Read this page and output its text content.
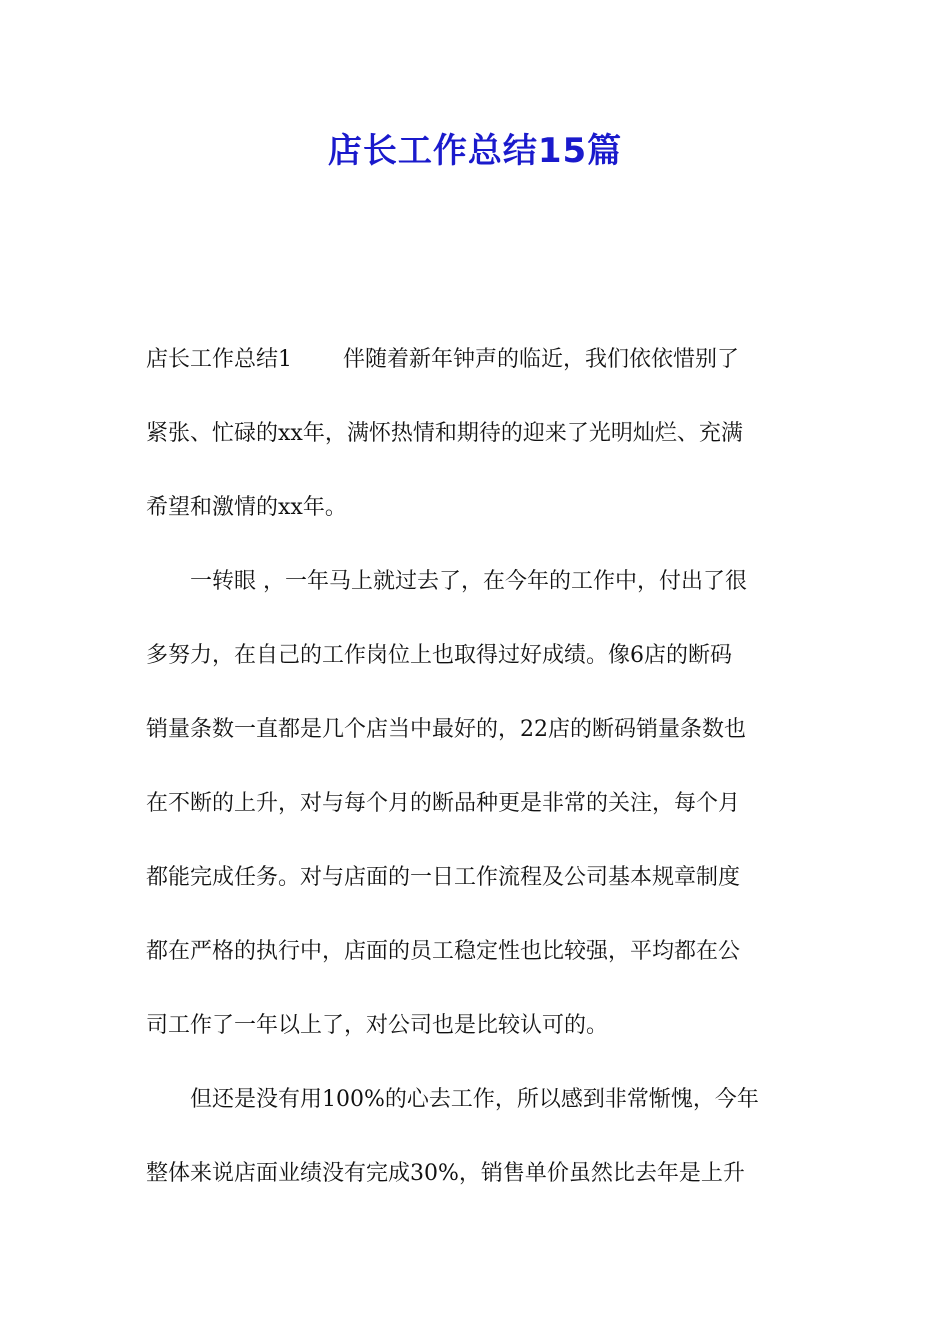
店长工作总结15篇
店长工作总结1　　 伴随着新年钟声的临近，我们依依惜别了
紧张、忙碌的xx年，满怀热情和期待的迎来了光明灿烂、充满
希望和激情的xx年。
　　一转眼 ，一年马上就过去了，在今年的工作中，付出了很
多努力，在自己的工作岗位上也取得过好成绩。像6店的断码
销量条数一直都是几个店当中最好的，22店的断码销量条数也
在不断的上升，对与每个月的断品种更是非常的关注，每个月
都能完成任务。对与店面的一日工作流程及公司基本规章制度
都在严格的执行中，店面的员工稳定性也比较强，平均都在公
司工作了一年以上了，对公司也是比较认可的。
　　但还是没有用100%的心去工作，所以感到非常惭愧，今年
整体来说店面业绩没有完成30%，销售单价虽然比去年是上升
